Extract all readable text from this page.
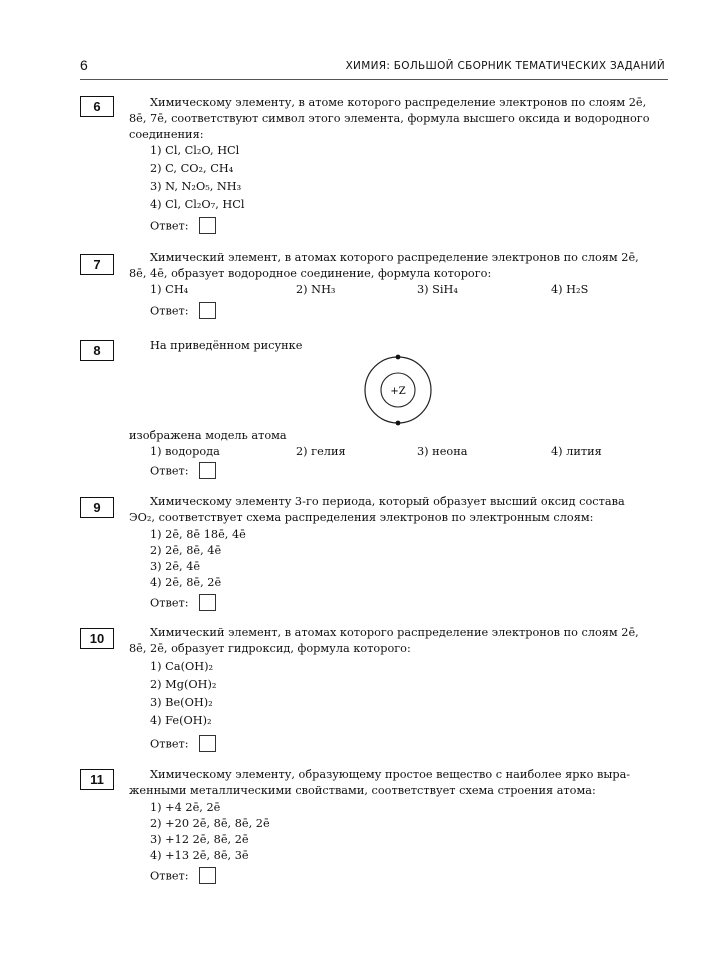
6	ХИМИЯ: БОЛЬШОЙ СБОРНИК ТЕМАТИЧЕСКИХ ЗАДАНИЙ
6	Химическому элементу, в атоме которого распределение электронов по слоям 2ē,
8ē, 7ē, соответствуют символ этого элемента, формула высшего оксида и водородного
соединения:
1) Cl, Cl₂O, HCl
2) C, CO₂, CH₄
3) N, N₂O₅, NH₃
4) Cl, Cl₂O₇, HCl
Ответ:
7	Химический элемент, в атомах которого распределение электронов по слоям 2ē,
8ē, 4ē, образует водородное соединение, формула которого:
1) CH₄	2) NH₃	3) SiH₄	4) H₂S
Ответ:
8	На приведённом рисунке
+Z
изображена модель атома
1) водорода	2) гелия	3) неона	4) лития
Ответ:
9	Химическому элементу 3-го периода, который образует высший оксид состава
ЭО₂, соответствует схема распределения электронов по электронным слоям:
1) 2ē, 8ē 18ē, 4ē
2) 2ē, 8ē, 4ē
3) 2ē, 4ē
4) 2ē, 8ē, 2ē
Ответ:
10	Химический элемент, в атомах которого распределение электронов по слоям 2ē,
8ē, 2ē, образует гидроксид, формула которого:
1) Ca(OH)₂
2) Mg(OH)₂
3) Be(OH)₂
4) Fe(OH)₂
Ответ:
11	Химическому элементу, образующему простое вещество с наиболее ярко выра-
женными металлическими свойствами, соответствует схема строения атома:
1) +4 2ē, 2ē
2) +20 2ē, 8ē, 8ē, 2ē
3) +12 2ē, 8ē, 2ē
4) +13 2ē, 8ē, 3ē
Ответ:
